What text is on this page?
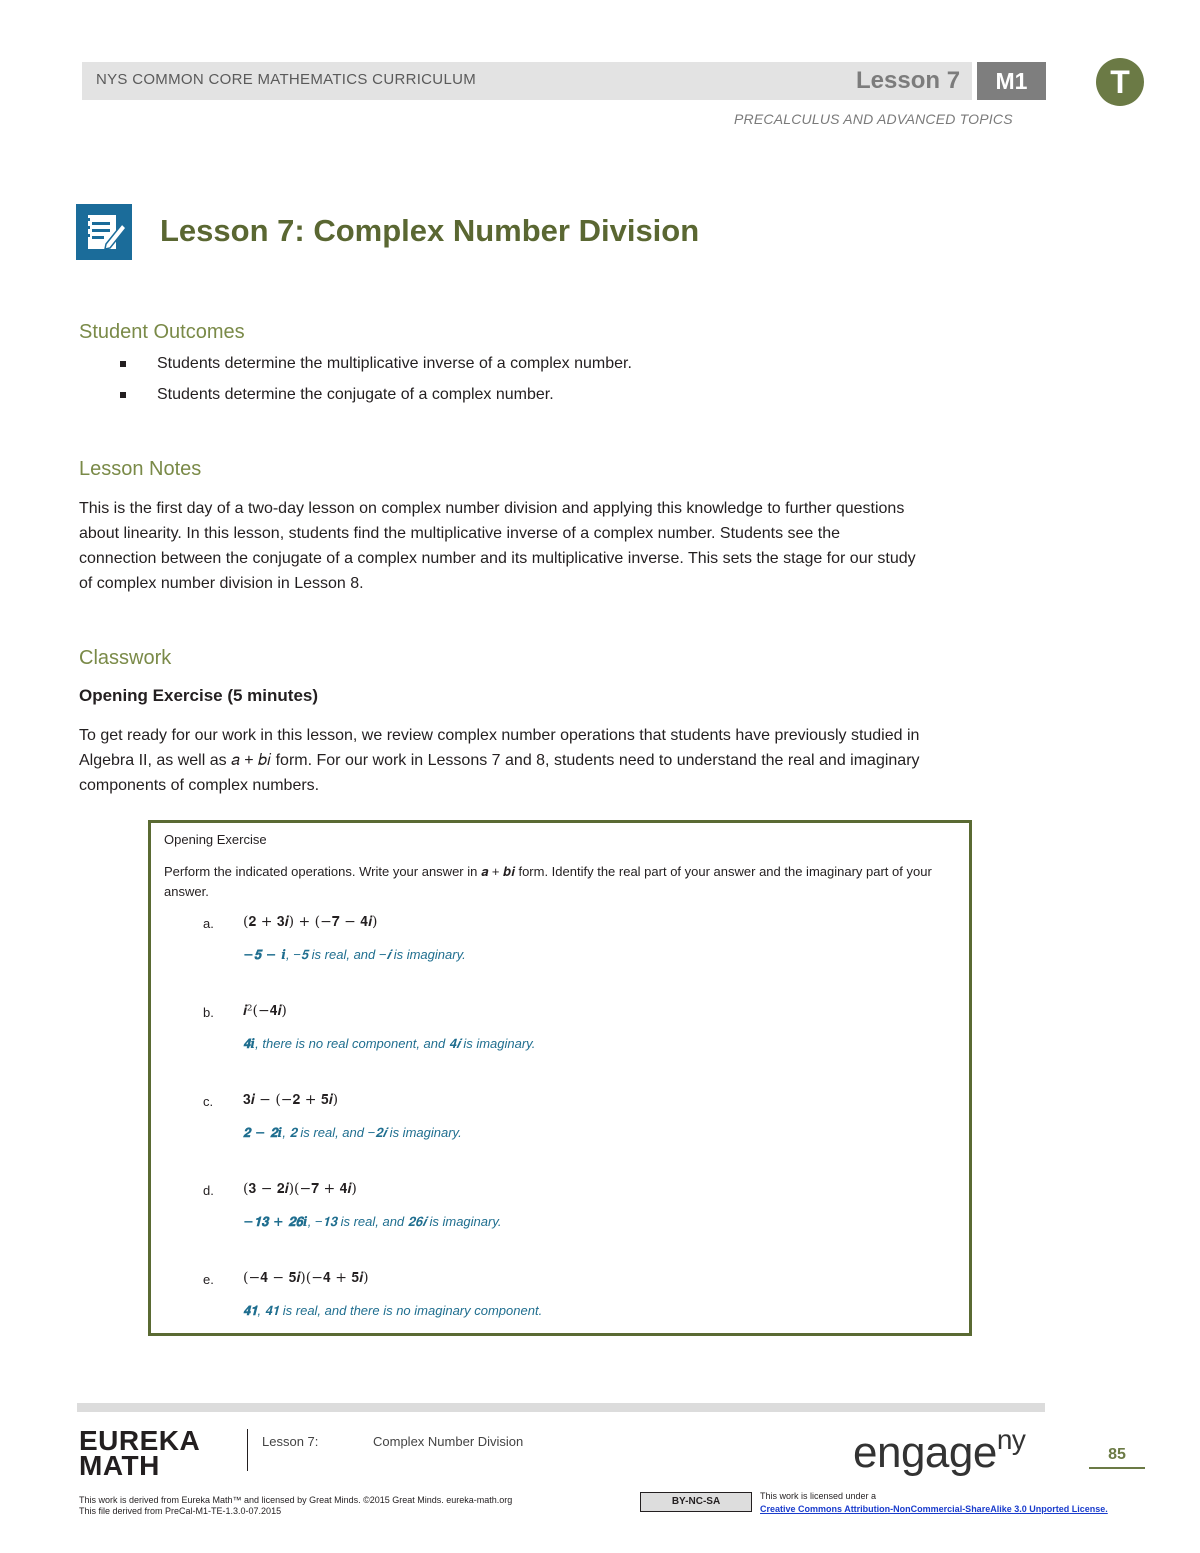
NYS COMMON CORE MATHEMATICS CURRICULUM	Lesson 7	M1	T
PRECALCULUS AND ADVANCED TOPICS
Lesson 7: Complex Number Division
Student Outcomes
Students determine the multiplicative inverse of a complex number.
Students determine the conjugate of a complex number.
Lesson Notes
This is the first day of a two-day lesson on complex number division and applying this knowledge to further questions
about linearity. In this lesson, students find the multiplicative inverse of a complex number. Students see the
connection between the conjugate of a complex number and its multiplicative inverse. This sets the stage for our study
of complex number division in Lesson 8.
Classwork
Opening Exercise (5 minutes)
To get ready for our work in this lesson, we review complex number operations that students have previously studied in
Algebra II, as well as 𝑎 + 𝑏𝑖 form. For our work in Lessons 7 and 8, students need to understand the real and imaginary
components of complex numbers.
Opening Exercise
Perform the indicated operations. Write your answer in 𝒂 + 𝒃𝒊 form. Identify the real part of your answer and the imaginary part of your answer.
a. (𝟐 + 𝟑𝒊) + (−𝟕 − 𝟒𝒊)
−𝟓 − 𝒊, −𝟓 is real, and −𝒊 is imaginary.
b. 𝒊²(−𝟒𝒊)
𝟒𝒊, there is no real component, and 𝟒𝒊 is imaginary.
c. 𝟑𝒊 − (−𝟐 + 𝟓𝒊)
𝟐 − 𝟐𝒊, 𝟐 is real, and −𝟐𝒊 is imaginary.
d. (𝟑 − 𝟐𝒊)(−𝟕 + 𝟒𝒊)
−𝟏𝟑 + 𝟐𝟔𝒊, −𝟏𝟑 is real, and 𝟐𝟔𝒊 is imaginary.
e. (−𝟒 − 𝟓𝒊)(−𝟒 + 𝟓𝒊)
𝟒𝟏, 𝟒𝟏 is real, and there is no imaginary component.
EUREKA
MATH
Lesson 7:	Complex Number Division	engage$^{ny}$	85
This work is derived from Eureka Math™ and licensed by Great Minds. ©2015 Great Minds. eureka-math.org
This file derived from PreCal-M1-TE-1.3.0-07.2015
BY-NC-SA	This work is licensed under a
Creative Commons Attribution-NonCommercial-ShareAlike 3.0 Unported License.
